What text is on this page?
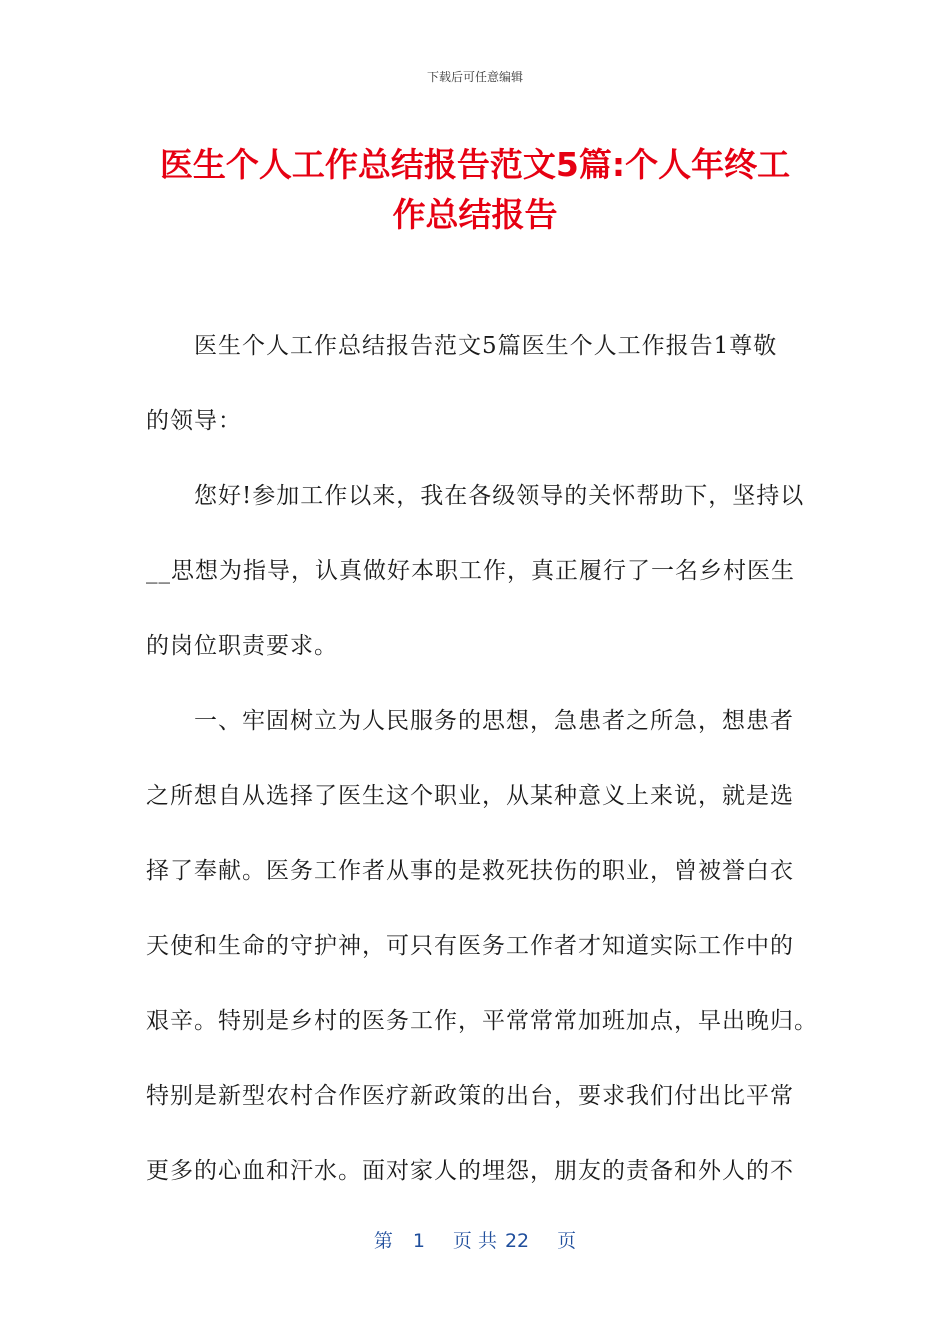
下载后可任意编辑
医生个人工作总结报告范文5篇:个人年终工
作总结报告
医生个人工作总结报告范文5篇医生个人工作报告1尊敬
的领导：
您好!参加工作以来，我在各级领导的关怀帮助下，坚持以
__思想为指导，认真做好本职工作，真正履行了一名乡村医生
的岗位职责要求。
一、牢固树立为人民服务的思想，急患者之所急，想患者
之所想自从选择了医生这个职业，从某种意义上来说，就是选
择了奉献。医务工作者从事的是救死扶伤的职业，曾被誉白衣
天使和生命的守护神，可只有医务工作者才知道实际工作中的
艰辛。特别是乡村的医务工作，平常常常加班加点，早出晚归。
特别是新型农村合作医疗新政策的出台，要求我们付出比平常
更多的心血和汗水。面对家人的埋怨，朋友的责备和外人的不
第 1 页 共 22 页
